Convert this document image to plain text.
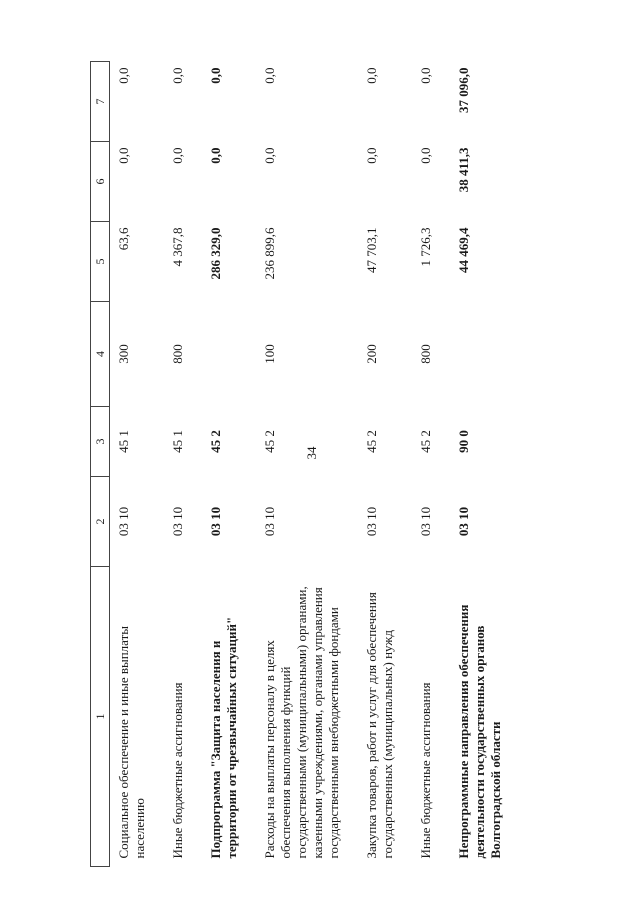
34
1	2	3	4	5	6	7
Социальное обеспечение и иные выплаты населению	03 10	45 1	300	63,6	0,0	0,0
Иные бюджетные ассигнования	03 10	45 1	800	4 367,8	0,0	0,0
Подпрограмма "Защита населения и территории от чрезвычайных ситуаций"	03 10	45 2		286 329,0	0,0	0,0
Расходы на выплаты персоналу в целях обеспечения выполнения функций государственными (муниципальными) органами, казенными учреждениями, органами управления государственными внебюджетными фондами	03 10	45 2	100	236 899,6	0,0	0,0
Закупка товаров, работ и услуг для обеспечения государственных (муниципальных) нужд	03 10	45 2	200	47 703,1	0,0	0,0
Иные бюджетные ассигнования	03 10	45 2	800	1 726,3	0,0	0,0
Непрограммные направления обеспечения деятельности государственных органов Волгоградской области	03 10	90 0		44 469,4	38 411,3	37 096,0
